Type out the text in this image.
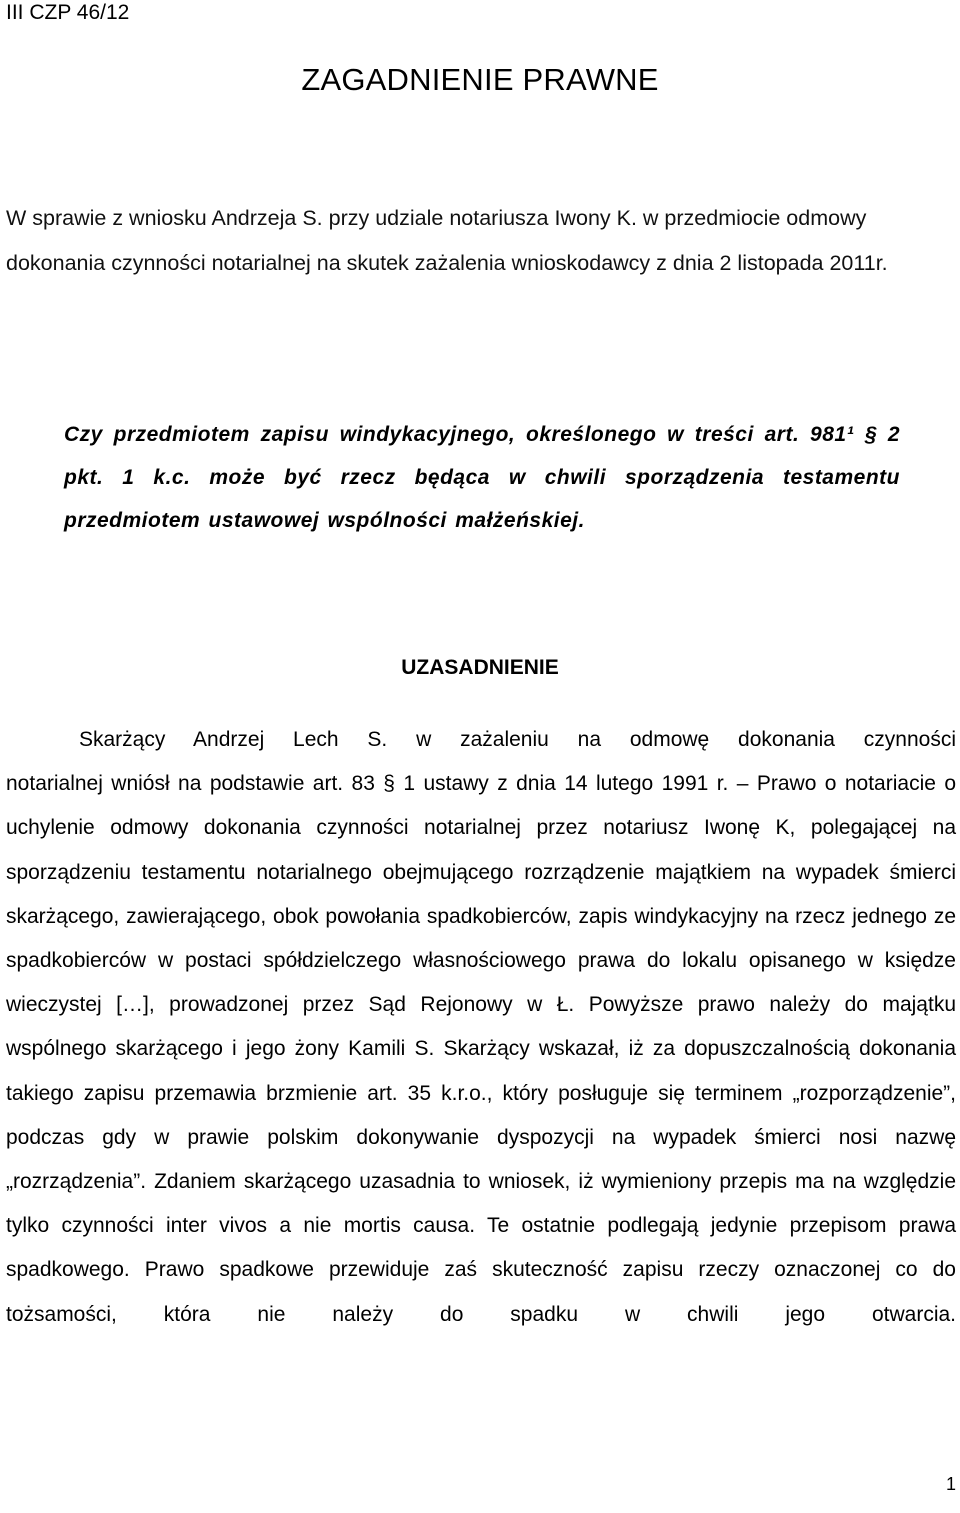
III CZP 46/12
ZAGADNIENIE PRAWNE
W sprawie z wniosku Andrzeja S. przy udziale notariusza Iwony K. w przedmiocie odmowy dokonania czynności notarialnej na skutek zażalenia wnioskodawcy z dnia 2 listopada 2011r.
Czy przedmiotem zapisu windykacyjnego, określonego w treści art. 981¹ § 2 pkt. 1 k.c. może być rzecz będąca w chwili sporządzenia testamentu przedmiotem ustawowej wspólności małżeńskiej.
UZASADNIENIE
Skarżący Andrzej Lech S. w zażaleniu na odmowę dokonania czynności
notarialnej wniósł na podstawie art. 83 § 1 ustawy z dnia 14 lutego 1991 r. – Prawo o notariacie o uchylenie odmowy dokonania czynności notarialnej przez notariusz Iwonę K, polegającej na sporządzeniu testamentu notarialnego obejmującego rozrządzenie majątkiem na wypadek śmierci skarżącego, zawierającego, obok powołania spadkobierców, zapis windykacyjny na rzecz jednego ze spadkobierców w postaci spółdzielczego własnościowego prawa do lokalu opisanego w księdze wieczystej […], prowadzonej przez Sąd Rejonowy w Ł. Powyższe prawo należy do majątku wspólnego skarżącego i jego żony Kamili S. Skarżący wskazał, iż za dopuszczalnością dokonania takiego zapisu przemawia brzmienie art. 35 k.r.o., który posługuje się terminem „rozporządzenie”, podczas gdy w prawie polskim dokonywanie dyspozycji na wypadek śmierci nosi nazwę „rozrządzenia”. Zdaniem skarżącego uzasadnia to wniosek, iż wymieniony przepis ma na względzie tylko czynności inter vivos a nie mortis causa. Te ostatnie podlegają jedynie przepisom prawa spadkowego. Prawo spadkowe przewiduje zaś skuteczność zapisu rzeczy oznaczonej co do tożsamości, która nie należy do spadku w chwili jego otwarcia.
1
